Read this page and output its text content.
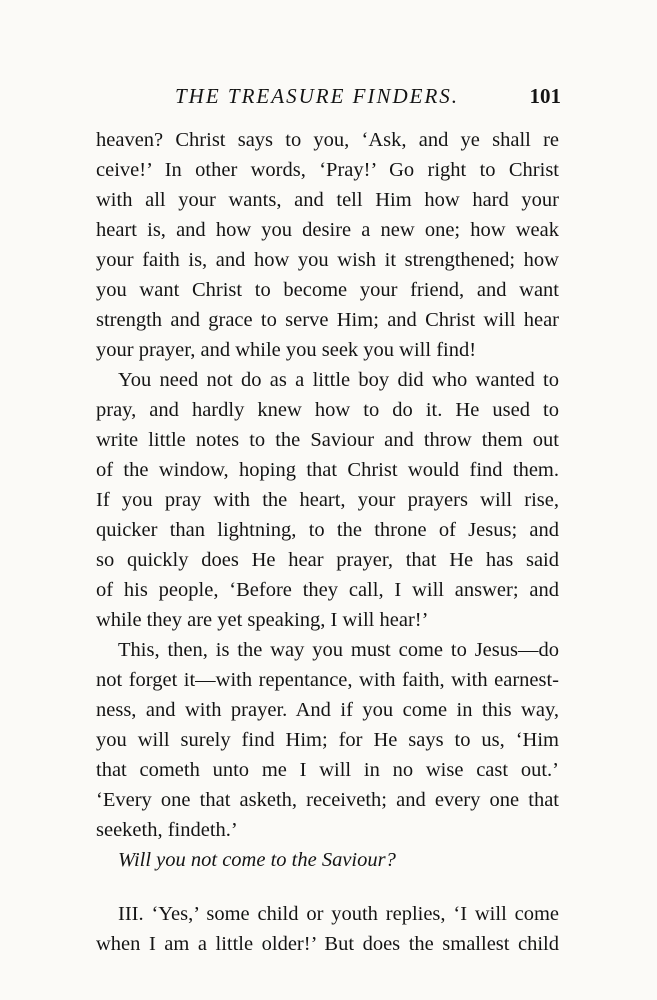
THE TREASURE FINDERS.	101
heaven? Christ says to you, ‘Ask, and ye shall re
ceive!’ In other words, ‘Pray!’ Go right to Christ
with all your wants, and tell Him how hard your
heart is, and how you desire a new one; how weak
your faith is, and how you wish it strengthened; how
you want Christ to become your friend, and want
strength and grace to serve Him; and Christ will hear
your prayer, and while you seek you will find!
You need not do as a little boy did who wanted to
pray, and hardly knew how to do it. He used to
write little notes to the Saviour and throw them out
of the window, hoping that Christ would find them.
If you pray with the heart, your prayers will rise,
quicker than lightning, to the throne of Jesus; and
so quickly does He hear prayer, that He has said
of his people, ‘Before they call, I will answer; and
while they are yet speaking, I will hear!’
This, then, is the way you must come to Jesus—do
not forget it—with repentance, with faith, with earnest-
ness, and with prayer. And if you come in this way,
you will surely find Him; for He says to us, ‘Him
that cometh unto me I will in no wise cast out.’
‘Every one that asketh, receiveth; and every one that
seeketh, findeth.’
Will you not come to the Saviour?
III. ‘Yes,’ some child or youth replies, ‘I will come
when I am a little older!’ But does the smallest child
